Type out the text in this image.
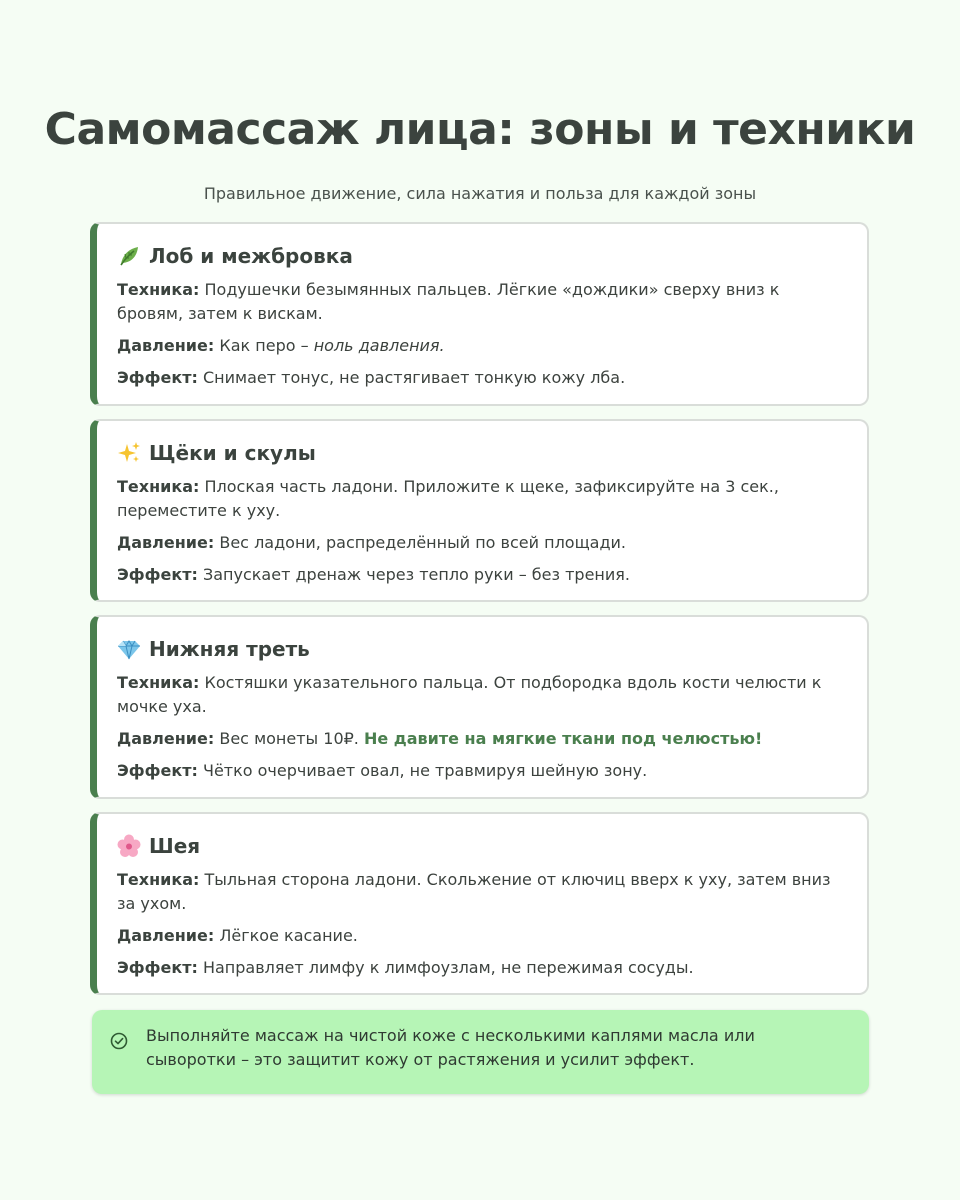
Самомассаж лица: зоны и техники

Правильное движение, сила нажатия и польза для каждой зоны

Лоб и межбровка

Техника: Подушечки безымянных пальцев. Лёгкие «дождики» сверху вниз к бровям, затем к вискам.

Давление: Как перо – ноль давления.

Эффект: Снимает тонус, не растягивает тонкую кожу лба.

Щёки и скулы

Техника: Плоская часть ладони. Приложите к щеке, зафиксируйте на 3 сек., переместите к уху.

Давление: Вес ладони, распределённый по всей площади.

Эффект: Запускает дренаж через тепло руки – без трения.

Нижняя треть

Техника: Костяшки указательного пальца. От подбородка вдоль кости челюсти к мочке уха.

Давление: Вес монеты 10₽. Не давите на мягкие ткани под челюстью!

Эффект: Чётко очерчивает овал, не травмируя шейную зону.

Шея

Техника: Тыльная сторона ладони. Скольжение от ключиц вверх к уху, затем вниз за ухом.

Давление: Лёгкое касание.

Эффект: Направляет лимфу к лимфоузлам, не пережимая сосуды.

Выполняйте массаж на чистой коже с несколькими каплями масла или сыворотки – это защитит кожу от растяжения и усилит эффект.
